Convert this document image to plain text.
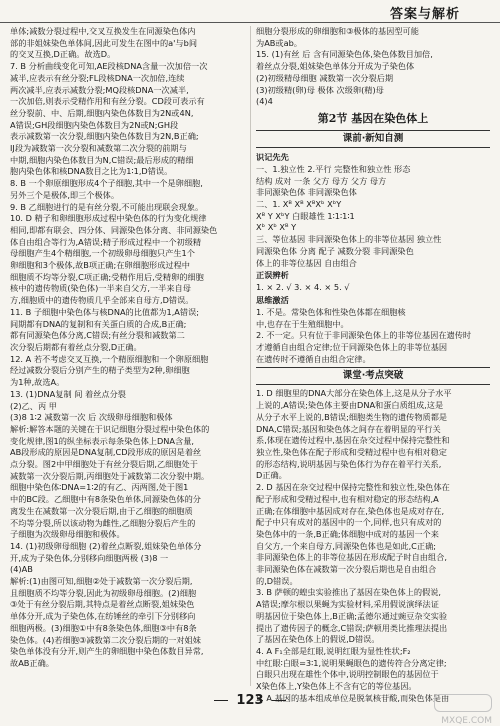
答案与解析
单体;减数分裂过程中,交叉互换发生在同源染色体内
部的非姐妹染色单体间,因此可发生在图中的a'与b间
的交叉互换,D正确。故选D。
7. B 分析曲线变化可知,AE段核DNA含量一次加倍一次
减半,应表示有丝分裂;FL段核DNA一次加倍,连续
两次减半,应表示减数分裂;MQ段核DNA一次减半,
一次加倍,则表示受精作用和有丝分裂。CD段可表示有
丝分裂前、中、后期,细胞内染色体数目为2N或4N,
A错误;GH段细胞内染色体数目为2N或N;GH段
表示减数第一次分裂,细胞内染色体数目为2N,B正确;
IJ段为减数第一次分裂和减数第二次分裂的前期与
中期,细胞内染色体数目为N,C错误;最后形成的精细
胞内染色体和核DNA数目之比为1∶1,D错误。
8. B 一个卵原细胞形成4个子细胞,其中一个是卵细胞,
另外三个是极体,即三个极体。
9. B 乙细胞进行的是有丝分裂,不可能出现联会现象。
10. D 精子和卵细胞形成过程中染色体的行为变化规律
相同,即都有联会、四分体、同源染色体分离、非同源染色
体自由组合等行为,A错误;精子形成过程中一个初级精
母细胞产生4个精细胞,一个初级卵母细胞只产生1个
卵细胞和3个极体,故B项正确;在卵细胞形成过程中
细胞质不均等分裂,C项正确;受精作用后,受精卵的细胞
核中的遗传物质(染色体)一半来自父方,一半来自母
方,细胞质中的遗传物质几乎全部来自母方,D错误。
11. B 子细胞中染色体与核DNA的比值都为1,A错误;
间期都有DNA的复制和有关蛋白质的合成,B正确;
都有同源染色体分离,C错误;有丝分裂和减数第二
次分裂后期都有着丝点分裂,D正确。
12. A 若不考虑交叉互换,一个精原细胞和一个卵原细胞
经过减数分裂后分别产生的精子类型为2种,卵细胞
为1种,故选A。
13. (1)DNA复制 间 着丝点分裂
(2)乙、丙 甲
(3)8 1∶2 减数第一次 后 次级卵母细胞和极体
解析:解答本题的关键在于识记细胞分裂过程中染色体的
变化规律,图1的纵坐标表示每条染色体上DNA含量,
AB段形成的原因是DNA复制,CD段形成的原因是着丝
点分裂。图2中甲细胞处于有丝分裂后期,乙细胞处于
减数第一次分裂后期,丙细胞处于减数第二次分裂中期。
细胞中染色体∶DNA=1∶2的有乙、丙两图,处于图1
中的BC段。乙细胞中有8条染色单体,同源染色体的分
离发生在减数第一次分裂后期,由于乙细胞的细胞质
不均等分裂,所以该动物为雌性,乙细胞分裂后产生的
子细胞为次级卵母细胞和极体。
14. (1)初级卵母细胞 (2)着丝点断裂,姐妹染色单体分
开,成为子染色体,分别移向细胞两极 (3)8 一
(4)AB
解析:(1)由图可知,细胞②处于减数第一次分裂后期,
且细胞质不均等分裂,因此为初级卵母细胞。(2)细胞
③处于有丝分裂后期,其特点是着丝点断裂,姐妹染色
单体分开,成为子染色体,在纺锤丝的牵引下分别移向
细胞两极。(3)细胞①中有8条染色体,细胞③中有8条
染色体。(4)若细胞③减数第二次分裂后期的一对姐妹
染色单体没有分开,则产生的卵细胞中染色体数目异常,
故AB正确。
细胞分裂形成的卵细胞和③极体的基因型可能
为AB或ab。
15. (1)有丝 后 含有同源染色体,染色体数目加倍,
着丝点分裂,姐妹染色单体分开成为子染色体
(2)初级精母细胞 减数第一次分裂后期
(3)初级精(卵)母 极体 次级卵(精)母
(4)4
第2节 基因在染色体上
课前·新知自测
识记先先
一、1.独立性 2.平行 完整性和独立性 形态
结构 成对 一条 父方 母方 父方 母方
非同源染色体 非同源染色体
二、1. Xᴮ Xᴮ XᴮXᵇ XᵇY
Xᴮ Y XᵇY 白眼雄性 1∶1∶1∶1
Xᵇ Xᵇ Xᴮ Y
三、等位基因 非同源染色体上的非等位基因 独立性
同源染色体 分离 配子 减数分裂 非同源染色
体上的非等位基因 自由组合
正误辨析
1. × 2. √ 3. × 4. × 5. √
思维激活
1. 不是。常染色体和性染色体都在细胞核
中,也存在于生殖细胞中。
2. 不一定。只有位于非同源染色体上的非等位基因在遗传时
才遵循自由组合定律;位于同源染色体上的非等位基因
在遗传时不遵循自由组合定律。
课堂·考点突破
1. D 细胞里的DNA大部分在染色体上,这是从分子水平
上说的,A错误;染色体主要由DNA和蛋白质组成,这是
从分子水平上说的,B错误;细胞类生物的遗传物质都是
DNA,C错误;基因和染色体之间存在着明显的平行关
系,体现在遗传过程中,基因在杂交过程中保持完整性和
独立性,染色体在配子形成和受精过程中也有相对稳定
的形态结构,说明基因与染色体行为存在着平行关系,
D正确。
2. D 基因在杂交过程中保持完整性和独立性,染色体在
配子形成和受精过程中,也有相对稳定的形态结构,A
正确;在体细胞中基因成对存在,染色体也是成对存在,
配子中只有成对的基因中的一个,同样,也只有成对的
染色体中的一条,B正确;体细胞中成对的基因一个来
自父方,一个来自母方,同源染色体也是如此,C正确;
非同源染色体上的非等位基因在形成配子时自由组合,
非同源染色体在减数第一次分裂后期也是自由组合
的,D错误。
3. B 萨顿的蝗虫实验推出了基因在染色体上的假说,
A错误;摩尔根以果蝇为实验材料,采用假说演绎法证
明基因位于染色体上,B正确;孟德尔通过豌豆杂交实验
提出了遗传因子的概念,C错误;萨顿用类比推理法提出
了基因在染色体上的假说,D错误。
4. A F₁全部是红眼,说明红眼为显性性状;F₂
中红眼∶白眼=3∶1,说明果蝇眼色的遗传符合分离定律;
白眼只出现在雄性个体中,说明控制眼色的基因位于
X染色体上,Y染色体上不含有它的等位基因。
5. A 基因的基本组成单位是脱氧核苷酸,而染色体是由
123

MXQE.COM
